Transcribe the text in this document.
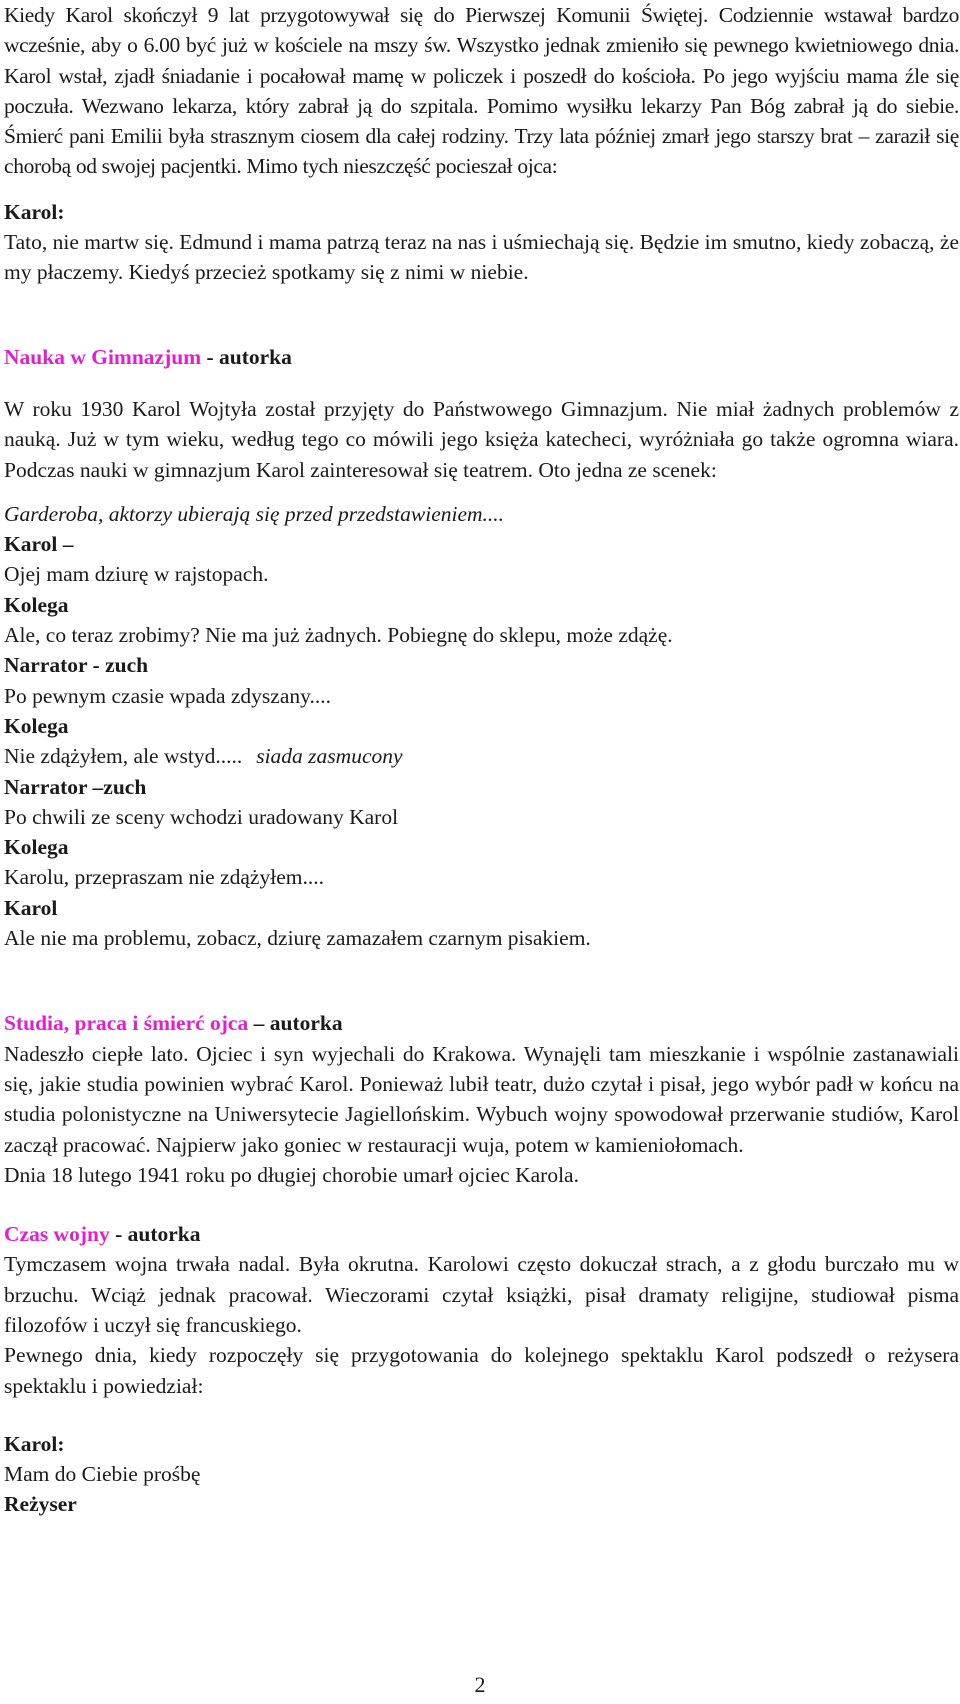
Kiedy Karol skończył 9 lat przygotowywał się do Pierwszej Komunii Świętej. Codziennie wstawał bardzo wcześnie, aby o 6.00 być już w kościele na mszy św. Wszystko jednak zmieniło się pewnego kwietniowego dnia. Karol wstał, zjadł śniadanie i pocałował mamę w policzek i poszedł do kościoła. Po jego wyjściu mama źle się poczuła. Wezwano lekarza, który zabrał ją do szpitala. Pomimo wysiłku lekarzy Pan Bóg zabrał ją do siebie. Śmierć pani Emilii była strasznym ciosem dla całej rodziny. Trzy lata później zmarł jego starszy brat – zaraził się chorobą od swojej pacjentki. Mimo tych nieszczęść pocieszał ojca:

Karol:

Tato, nie martw się. Edmund i mama patrzą teraz na nas i uśmiechają się. Będzie im smutno, kiedy zobaczą, że my płaczemy. Kiedyś przecież spotkamy się z nimi w niebie.

Nauka w Gimnazjum - autorka

W roku 1930 Karol Wojtyła został przyjęty do Państwowego Gimnazjum. Nie miał żadnych problemów z nauką. Już w tym wieku, według tego co mówili jego księża katecheci, wyróżniała go także ogromna wiara. Podczas nauki w gimnazjum Karol zainteresował się teatrem. Oto jedna ze scenek:

Garderoba, aktorzy ubierają się przed przedstawieniem....
Karol –
Ojej mam dziurę w rajstopach.
Kolega
Ale, co teraz zrobimy? Nie ma już żadnych. Pobiegnę do sklepu, może zdążę.
Narrator - zuch
Po pewnym czasie wpada zdyszany....
Kolega
Nie zdążyłem, ale wstyd..... siada zasmucony
Narrator –zuch
Po chwili ze sceny wchodzi uradowany Karol
Kolega
Karolu, przepraszam nie zdążyłem....
Karol
Ale nie ma problemu, zobacz, dziurę zamazałem czarnym pisakiem.
Studia, praca i śmierć ojca – autorka

Nadeszło ciepłe lato. Ojciec i syn wyjechali do Krakowa. Wynajęli tam mieszkanie i wspólnie zastanawiali się, jakie studia powinien wybrać Karol. Ponieważ lubił teatr, dużo czytał i pisał, jego wybór padł w końcu na studia polonistyczne na Uniwersytecie Jagiellońskim. Wybuch wojny spowodował przerwanie studiów, Karol zaczął pracować. Najpierw jako goniec w restauracji wuja, potem w kamieniołomach.

Dnia 18 lutego 1941 roku po długiej chorobie umarł ojciec Karola.
Czas wojny - autorka

Tymczasem wojna trwała nadal. Była okrutna. Karolowi często dokuczał strach, a z głodu burczało mu w brzuchu. Wciąż jednak pracował. Wieczorami czytał książki, pisał dramaty religijne, studiował pisma filozofów i uczył się francuskiego.

Pewnego dnia, kiedy rozpoczęły się przygotowania do kolejnego spektaklu Karol podszedł o reżysera spektaklu i powiedział:

Karol:
Mam do Ciebie prośbę
Reżyser
2
